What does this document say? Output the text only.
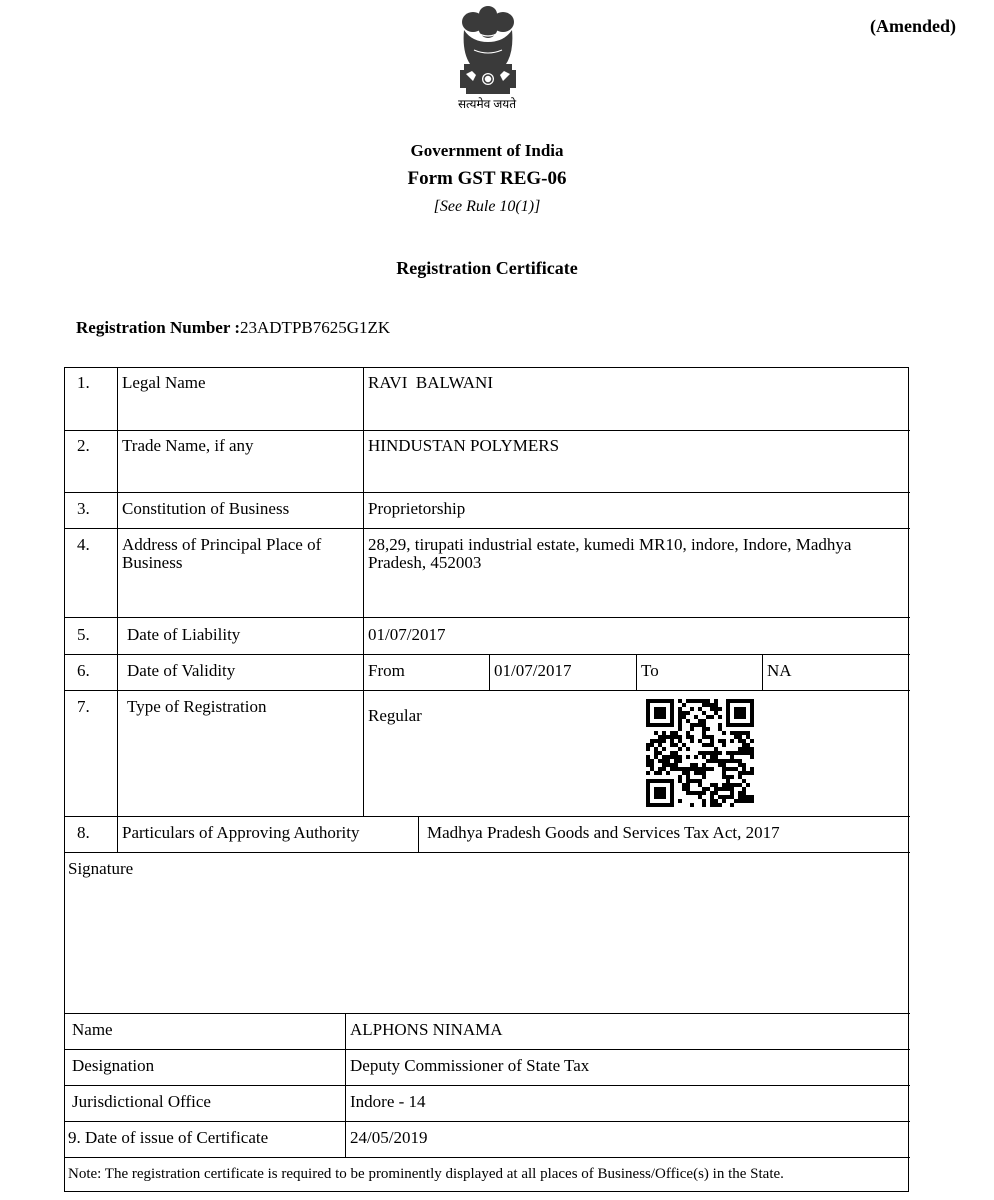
सत्यमेव जयते
(Amended)
Government of India
Form GST REG-06
[See Rule 10(1)]
Registration Certificate
Registration Number :23ADTPB7625G1ZK
1. Legal Name	RAVI  BALWANI
2. Trade Name, if any	HINDUSTAN POLYMERS
3. Constitution of Business	Proprietorship
4. Address of Principal Place of Business
28,29, tirupati industrial estate, kumedi MR10, indore, Indore, Madhya Pradesh, 452003
5. Date of Liability	01/07/2017
6. Date of Validity	From	01/07/2017	To	NA
7. Type of Registration	Regular
8. Particulars of Approving Authority	Madhya Pradesh Goods and Services Tax Act, 2017
Signature
Name	ALPHONS NINAMA
Designation	Deputy Commissioner of State Tax
Jurisdictional Office	Indore - 14
9. Date of issue of Certificate	24/05/2019
Note: The registration certificate is required to be prominently displayed at all places of Business/Office(s) in the State.
